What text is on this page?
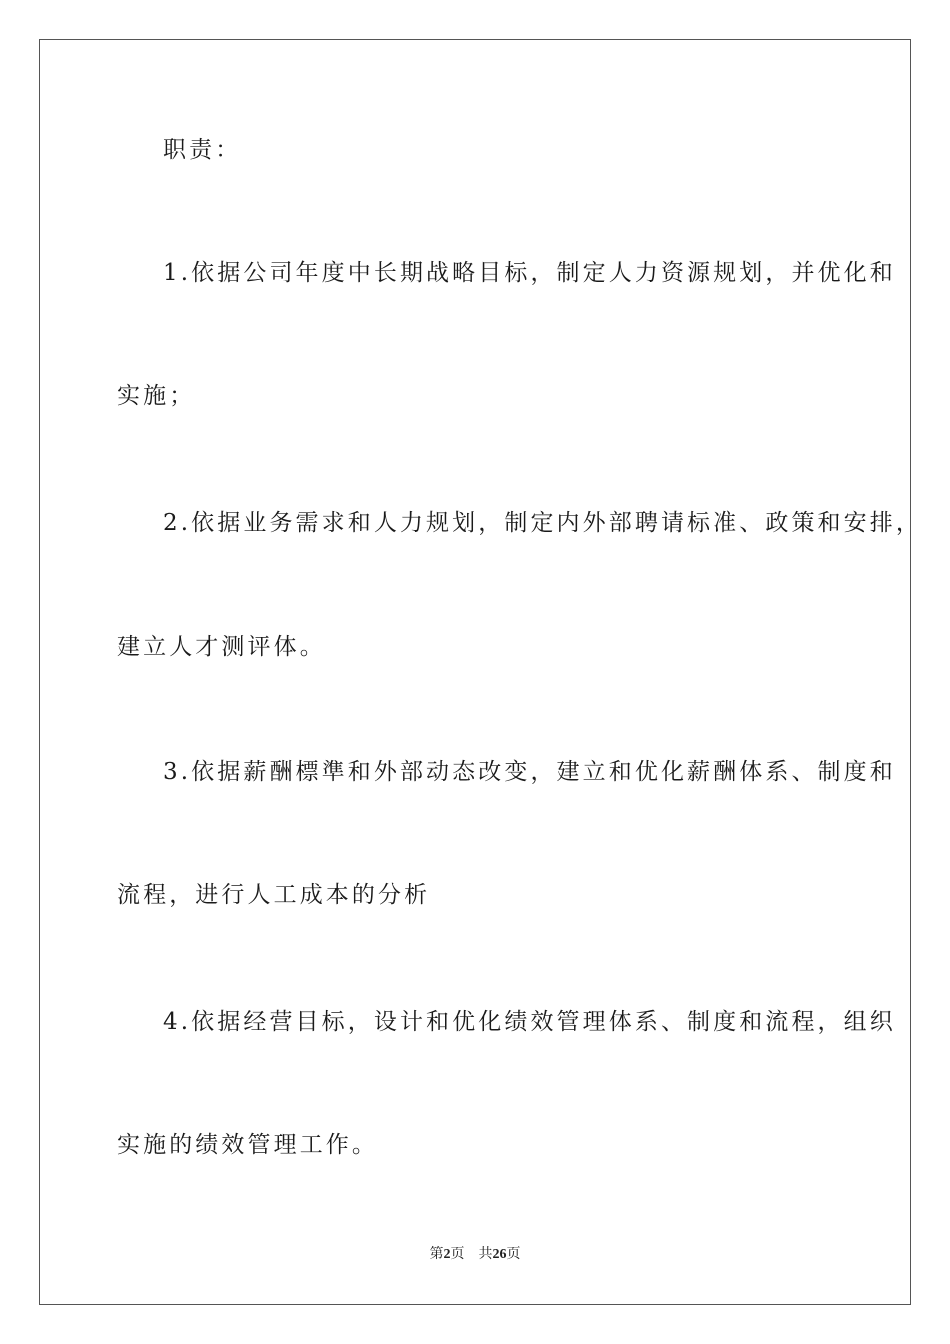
职责：
1.依据公司年度中长期战略目标，制定人力资源规划，并优化和
实施；
2.依据业务需求和人力规划，制定内外部聘请标准、政策和安排，
建立人才测评体。
3.依据薪酬標準和外部动态改变，建立和优化薪酬体系、制度和
流程，进行人工成本的分析
4.依据经营目标，设计和优化绩效管理体系、制度和流程，组织
实施的绩效管理工作。
第2页 共26页
